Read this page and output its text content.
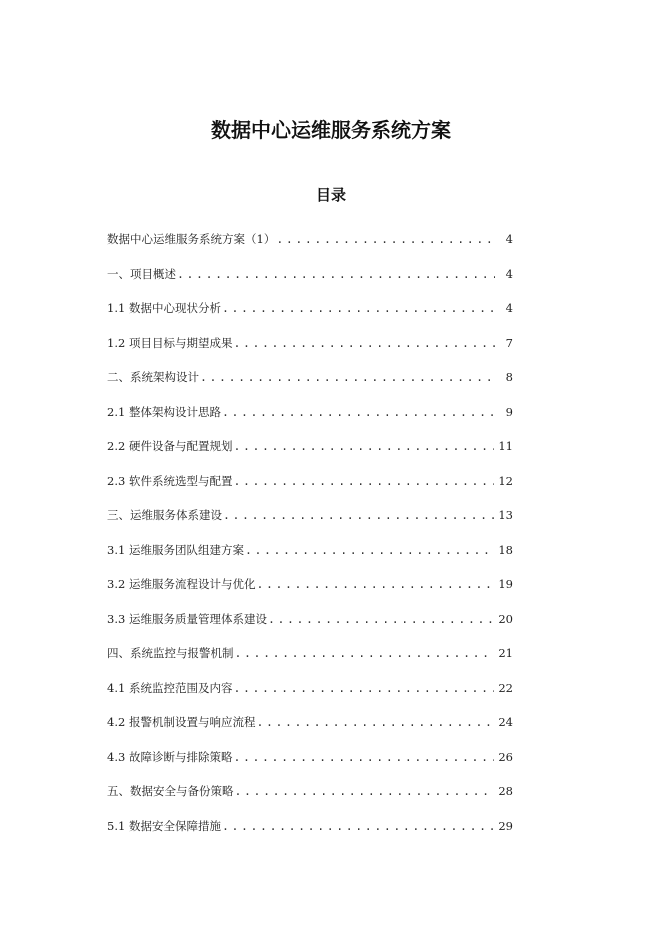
数据中心运维服务系统方案
目录
数据中心运维服务系统方案（1） .....	4
一、项目概述 .....	4
1.1 数据中心现状分析 .....	4
1.2 项目目标与期望成果 .....	7
二、系统架构设计 .....	8
2.1 整体架构设计思路 .....	9
2.2 硬件设备与配置规划 .....	11
2.3 软件系统选型与配置 .....	12
三、运维服务体系建设 .....	13
3.1 运维服务团队组建方案 .....	18
3.2 运维服务流程设计与优化 .....	19
3.3 运维服务质量管理体系建设 .....	20
四、系统监控与报警机制 .....	21
4.1 系统监控范围及内容 .....	22
4.2 报警机制设置与响应流程 .....	24
4.3 故障诊断与排除策略 .....	26
五、数据安全与备份策略 .....	28
5.1 数据安全保障措施 .....	29
